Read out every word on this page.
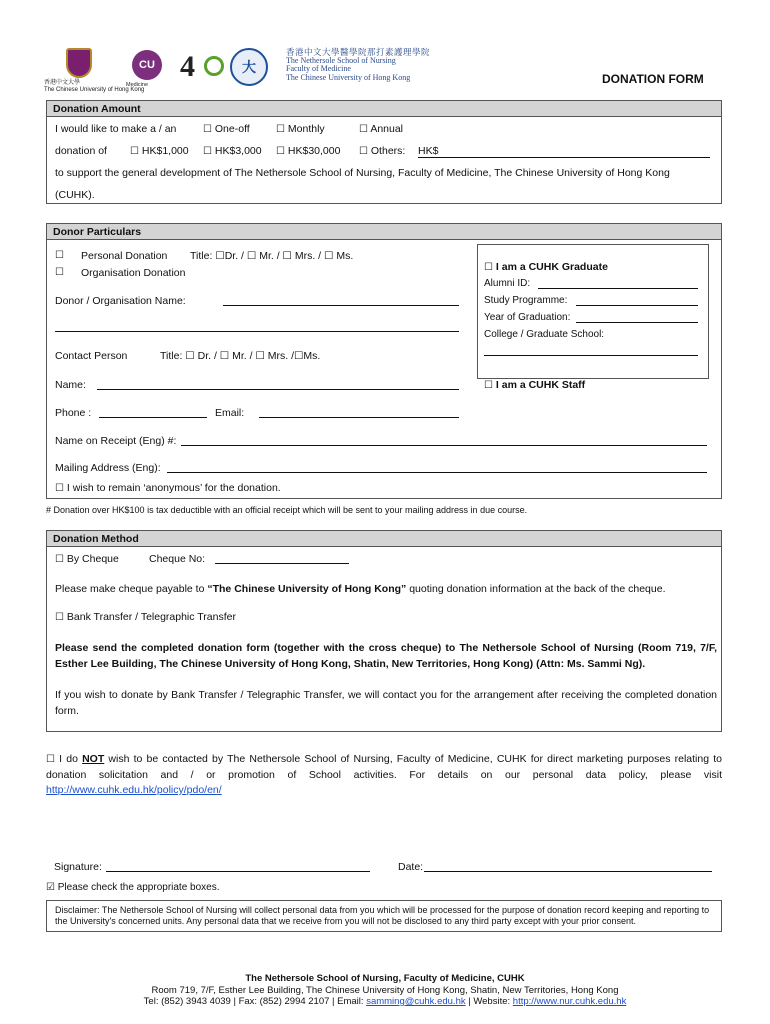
香港中文大學
The Chinese University of Hong Kong
CU
Medicine
4	大
香港中文大學醫學院那打素護理學院
The Nethersole School of Nursing
Faculty of Medicine
The Chinese University of Hong Kong	DONATION FORM
Donation Amount
I would like to make a / an	☐ One-off	☐ Monthly	☐ Annual
donation of ☐ HK$1,000 ☐ HK$3,000 ☐ HK$30,000 ☐ Others: HK$
to support the general development of The Nethersole School of Nursing, Faculty of Medicine, The Chinese University of Hong Kong
(CUHK).
Donor Particulars
☐ Personal Donation Title: ☐Dr. / ☐ Mr. / ☐ Mrs. / ☐ Ms.
☐ Organisation Donation
Donor / Organisation Name:
Contact Person	Title: ☐ Dr. / ☐ Mr. / ☐ Mrs. /☐Ms.
Name:
Phone :	Email:
☐ I am a CUHK Graduate
Alumni ID:
Study Programme:
Year of Graduation:
College / Graduate School:
☐ I am a CUHK Staff
Name on Receipt (Eng) #:
Mailing Address (Eng):
☐ I wish to remain ‘anonymous’ for the donation.
# Donation over HK$100 is tax deductible with an official receipt which will be sent to your mailing address in due course.
Donation Method
☐ By Cheque	Cheque No:
Please make cheque payable to “The Chinese University of Hong Kong” quoting donation information at the back of the cheque.
☐ Bank Transfer / Telegraphic Transfer
Please send the completed donation form (together with the cross cheque) to The Nethersole School of Nursing (Room 719, 7/F, Esther Lee Building, The Chinese University of Hong Kong, Shatin, New Territories, Hong Kong) (Attn: Ms. Sammi Ng).
If you wish to donate by Bank Transfer / Telegraphic Transfer, we will contact you for the arrangement after receiving the completed donation form.
☐ I do NOT wish to be contacted by The Nethersole School of Nursing, Faculty of Medicine, CUHK for direct marketing purposes relating to donation solicitation and / or promotion of School activities. For details on our personal data policy, please visit http://www.cuhk.edu.hk/policy/pdo/en/
Signature:	Date:
☑ Please check the appropriate boxes.
Disclaimer: The Nethersole School of Nursing will collect personal data from you which will be processed for the purpose of donation record keeping and reporting to the University's concerned units. Any personal data that we receive from you will not be disclosed to any third party except with your prior consent.
The Nethersole School of Nursing, Faculty of Medicine, CUHK
Room 719, 7/F, Esther Lee Building, The Chinese University of Hong Kong, Shatin, New Territories, Hong Kong
Tel: (852) 3943 4039 | Fax: (852) 2994 2107 | Email: samming@cuhk.edu.hk | Website: http://www.nur.cuhk.edu.hk
